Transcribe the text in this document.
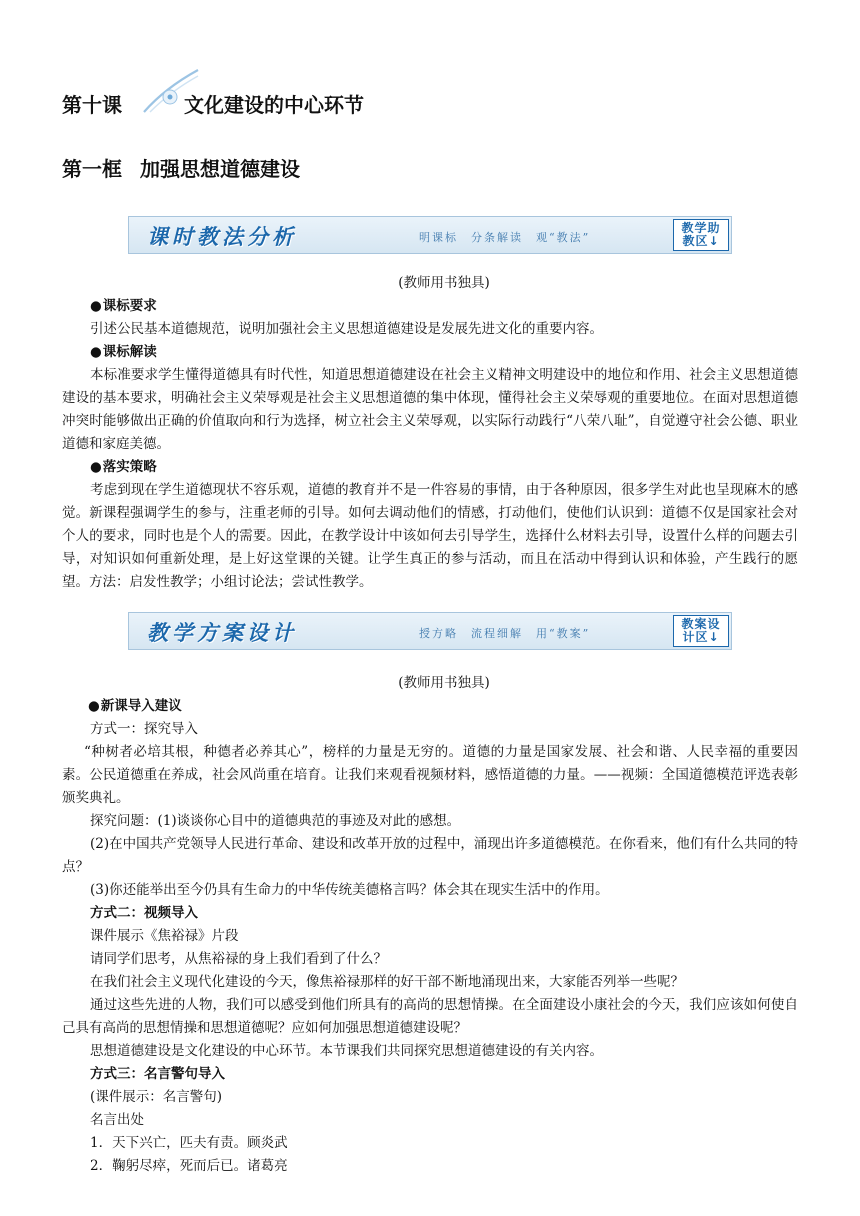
第十课	文化建设的中心环节
第一框 加强思想道德建设
课时教法分析	明课标　分条解读　观“教法”
教学助教区↓

(教师用书独具)

● 课标要求

引述公民基本道德规范，说明加强社会主义思想道德建设是发展先进文化的重要内容。

● 课标解读

本标准要求学生懂得道德具有时代性，知道思想道德建设在社会主义精神文明建设中的地位和作用、社会主义思想道德建设的基本要求，明确社会主义荣辱观是社会主义思想道德的集中体现，懂得社会主义荣辱观的重要地位。在面对思想道德冲突时能够做出正确的价值取向和行为选择，树立社会主义荣辱观，以实际行动践行“八荣八耻”，自觉遵守社会公德、职业道德和家庭美德。

● 落实策略

考虑到现在学生道德现状不容乐观，道德的教育并不是一件容易的事情，由于各种原因，很多学生对此也呈现麻木的感觉。新课程强调学生的参与，注重老师的引导。如何去调动他们的情感，打动他们，使他们认识到：道德不仅是国家社会对个人的要求，同时也是个人的需要。因此，在教学设计中该如何去引导学生，选择什么材料去引导，设置什么样的问题去引导，对知识如何重新处理，是上好这堂课的关键。让学生真正的参与活动，而且在活动中得到认识和体验，产生践行的愿望。方法：启发性教学；小组讨论法；尝试性教学。

教学方案设计	授方略　流程细解　用“教案”
教案设计区↓

(教师用书独具)

● 新课导入建议

方式一：探究导入

“种树者必培其根，种德者必养其心”，榜样的力量是无穷的。道德的力量是国家发展、社会和谐、人民幸福的重要因素。公民道德重在养成，社会风尚重在培育。让我们来观看视频材料，感悟道德的力量。——视频：全国道德模范评选表彰颁奖典礼。

探究问题：(1)谈谈你心目中的道德典范的事迹及对此的感想。

(2)在中国共产党领导人民进行革命、建设和改革开放的过程中，涌现出许多道德模范。在你看来，他们有什么共同的特点？

(3)你还能举出至今仍具有生命力的中华传统美德格言吗？体会其在现实生活中的作用。

方式二：视频导入

课件展示《焦裕禄》片段

请同学们思考，从焦裕禄的身上我们看到了什么？

在我们社会主义现代化建设的今天，像焦裕禄那样的好干部不断地涌现出来，大家能否列举一些呢？

通过这些先进的人物，我们可以感受到他们所具有的高尚的思想情操。在全面建设小康社会的今天，我们应该如何使自己具有高尚的思想情操和思想道德呢？应如何加强思想道德建设呢？

思想道德建设是文化建设的中心环节。本节课我们共同探究思想道德建设的有关内容。

方式三：名言警句导入

(课件展示：名言警句)

名言出处

1．天下兴亡，匹夫有责。顾炎武

2．鞠躬尽瘁，死而后已。诸葛亮
